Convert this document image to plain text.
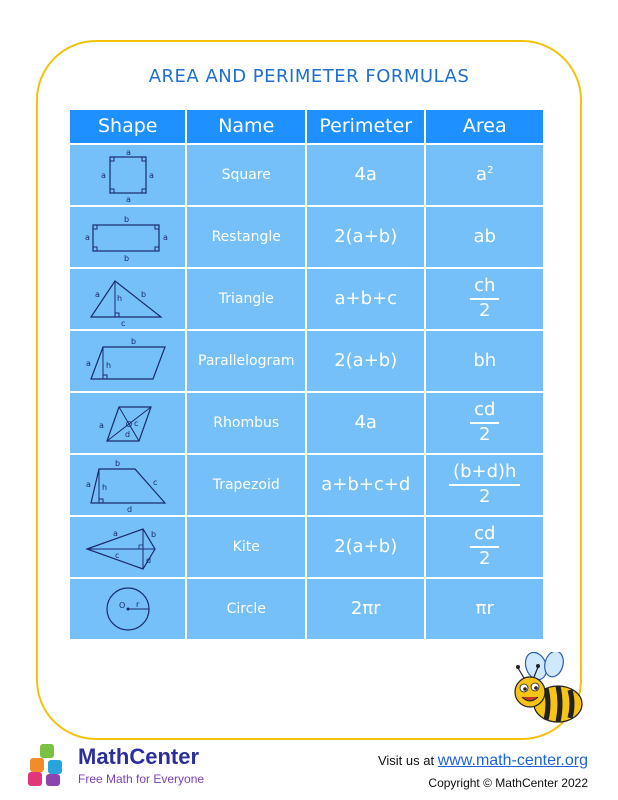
AREA AND PERIMETER FORMULAS
Shape	Name	Perimeter	Area

a
a a
a	Square	4a	$a^2$

b
a a
b	Restangle	2(a+b)	ab

a h b
c	Triangle	a+b+c	$\frac{ch}{2}$

b
a h	Parallelogram	2(a+b)	bh

a c
d	Rhombus	4a	$\frac{cd}{2}$

b
a h
c
d	Trapezoid	a+b+c+d	$\frac{(b+d)h}{2}$

a b
c
d	Kite	2(a+b)	$\frac{cd}{2}$

O r	Circle	2πr	πr
MathCenter
Free Math for Everyone
Visit us at www.math-center.org
Copyright © MathCenter 2022
